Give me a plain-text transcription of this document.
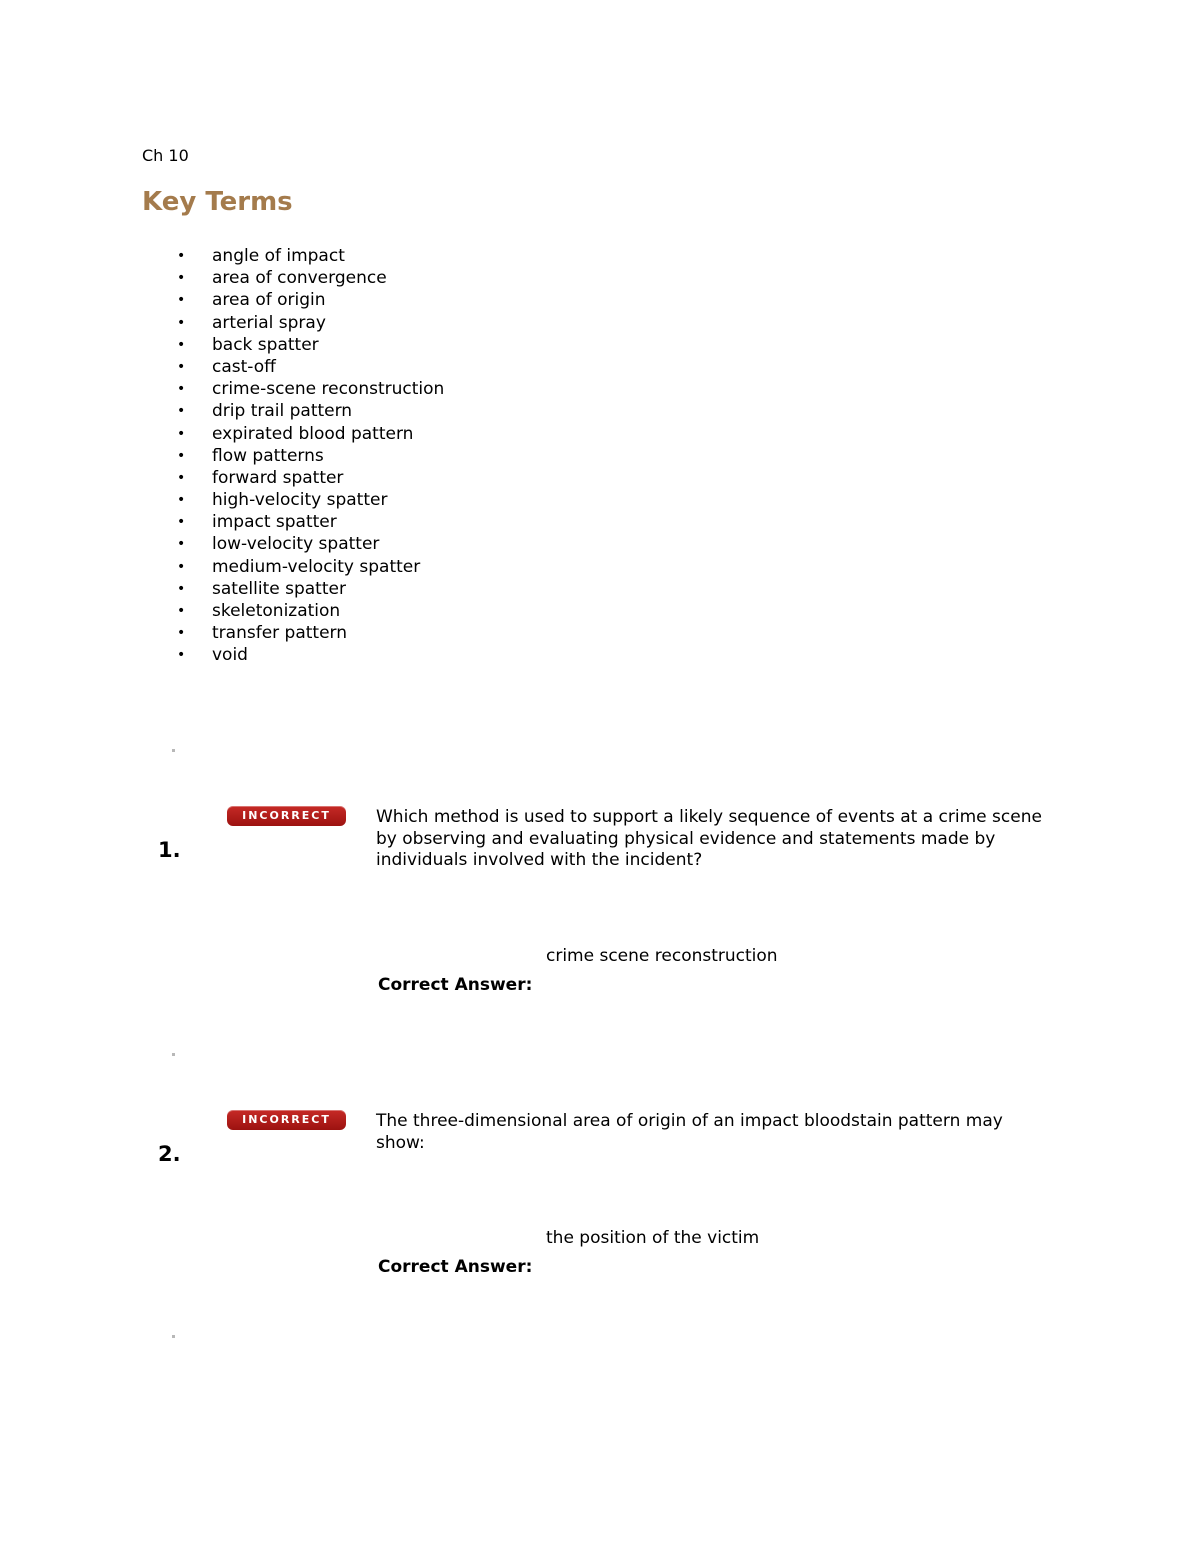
Ch 10
Key Terms
• angle of impact
• area of convergence
• area of origin
• arterial spray
• back spatter
• cast-off
• crime-scene reconstruction
• drip trail pattern
• expirated blood pattern
• flow patterns
• forward spatter
• high-velocity spatter
• impact spatter
• low-velocity spatter
• medium-velocity spatter
• satellite spatter
• skeletonization
• transfer pattern
• void
1.
INCORRECT	Which method is used to support a likely sequence of events at a crime scene by observing and evaluating physical evidence and statements made by individuals involved with the incident?
crime scene reconstruction
Correct Answer:
2.
INCORRECT	The three-dimensional area of origin of an impact bloodstain pattern may show:
the position of the victim
Correct Answer:
